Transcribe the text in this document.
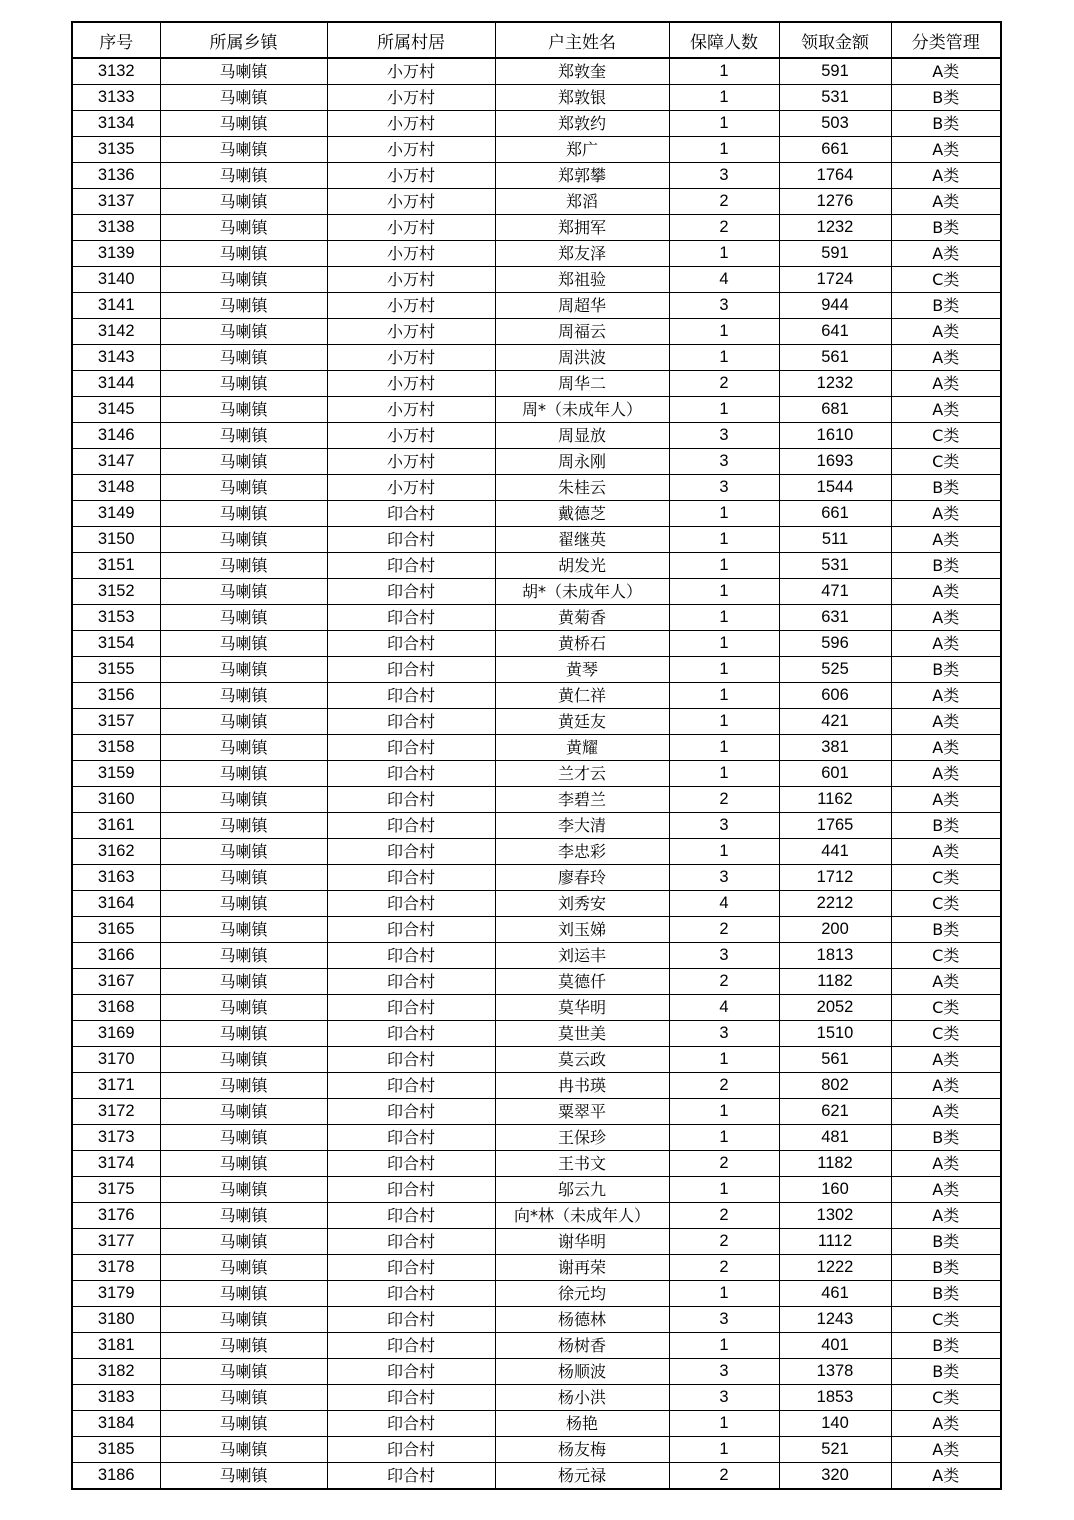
序号	所属乡镇	所属村居	户主姓名	保障人数	领取金额	分类管理
3132	马喇镇	小万村	郑敦奎	1	591	A类
3133	马喇镇	小万村	郑敦银	1	531	B类
3134	马喇镇	小万村	郑敦约	1	503	B类
3135	马喇镇	小万村	郑广	1	661	A类
3136	马喇镇	小万村	郑郭攀	3	1764	A类
3137	马喇镇	小万村	郑滔	2	1276	A类
3138	马喇镇	小万村	郑拥军	2	1232	B类
3139	马喇镇	小万村	郑友泽	1	591	A类
3140	马喇镇	小万村	郑祖验	4	1724	C类
3141	马喇镇	小万村	周超华	3	944	B类
3142	马喇镇	小万村	周福云	1	641	A类
3143	马喇镇	小万村	周洪波	1	561	A类
3144	马喇镇	小万村	周华二	2	1232	A类
3145	马喇镇	小万村	周*（未成年人）	1	681	A类
3146	马喇镇	小万村	周显放	3	1610	C类
3147	马喇镇	小万村	周永刚	3	1693	C类
3148	马喇镇	小万村	朱桂云	3	1544	B类
3149	马喇镇	印合村	戴德芝	1	661	A类
3150	马喇镇	印合村	翟继英	1	511	A类
3151	马喇镇	印合村	胡发光	1	531	B类
3152	马喇镇	印合村	胡*（未成年人）	1	471	A类
3153	马喇镇	印合村	黄菊香	1	631	A类
3154	马喇镇	印合村	黄桥石	1	596	A类
3155	马喇镇	印合村	黄琴	1	525	B类
3156	马喇镇	印合村	黄仁祥	1	606	A类
3157	马喇镇	印合村	黄廷友	1	421	A类
3158	马喇镇	印合村	黄耀	1	381	A类
3159	马喇镇	印合村	兰才云	1	601	A类
3160	马喇镇	印合村	李碧兰	2	1162	A类
3161	马喇镇	印合村	李大清	3	1765	B类
3162	马喇镇	印合村	李忠彩	1	441	A类
3163	马喇镇	印合村	廖春玲	3	1712	C类
3164	马喇镇	印合村	刘秀安	4	2212	C类
3165	马喇镇	印合村	刘玉娣	2	200	B类
3166	马喇镇	印合村	刘运丰	3	1813	C类
3167	马喇镇	印合村	莫德仟	2	1182	A类
3168	马喇镇	印合村	莫华明	4	2052	C类
3169	马喇镇	印合村	莫世美	3	1510	C类
3170	马喇镇	印合村	莫云政	1	561	A类
3171	马喇镇	印合村	冉书瑛	2	802	A类
3172	马喇镇	印合村	粟翠平	1	621	A类
3173	马喇镇	印合村	王保珍	1	481	B类
3174	马喇镇	印合村	王书文	2	1182	A类
3175	马喇镇	印合村	邬云九	1	160	A类
3176	马喇镇	印合村	向*林（未成年人）	2	1302	A类
3177	马喇镇	印合村	谢华明	2	1112	B类
3178	马喇镇	印合村	谢再荣	2	1222	B类
3179	马喇镇	印合村	徐元均	1	461	B类
3180	马喇镇	印合村	杨德林	3	1243	C类
3181	马喇镇	印合村	杨树香	1	401	B类
3182	马喇镇	印合村	杨顺波	3	1378	B类
3183	马喇镇	印合村	杨小洪	3	1853	C类
3184	马喇镇	印合村	杨艳	1	140	A类
3185	马喇镇	印合村	杨友梅	1	521	A类
3186	马喇镇	印合村	杨元禄	2	320	A类
